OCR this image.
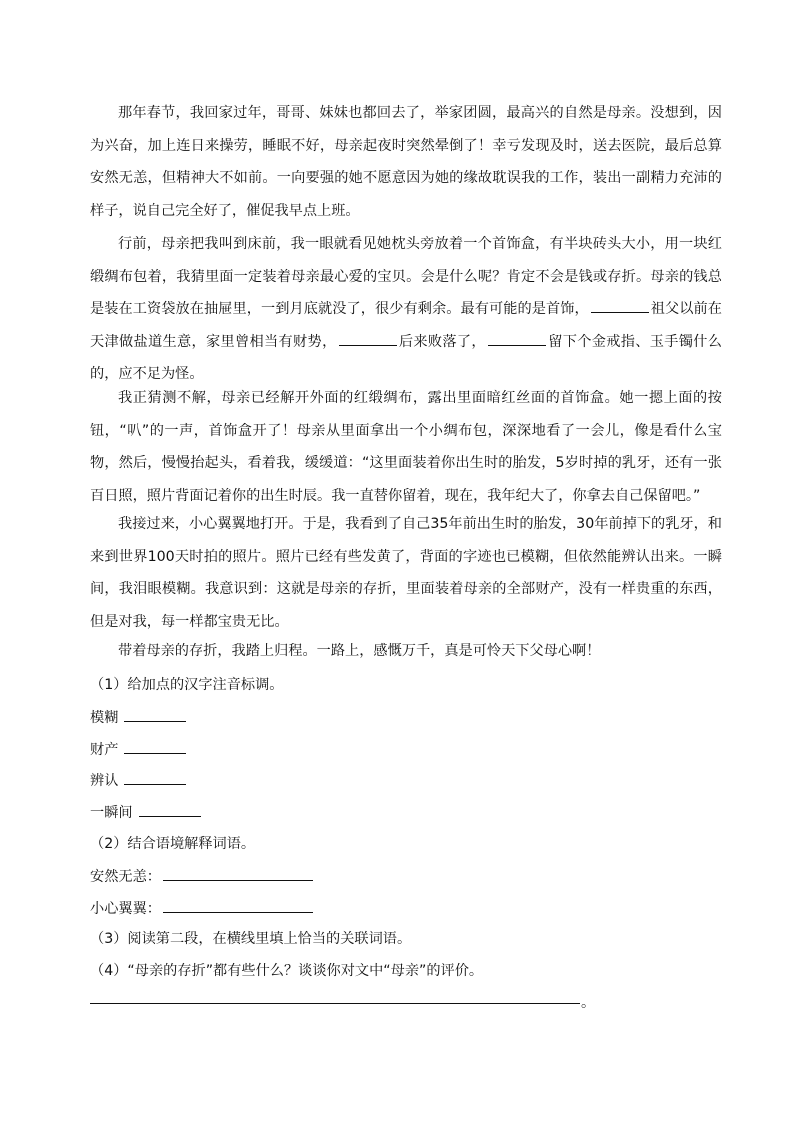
那年春节，我回家过年，哥哥、妹妹也都回去了，举家团圆，最高兴的自然是母亲。没想到，因为兴奋，加上连日来操劳，睡眠不好，母亲起夜时突然晕倒了！幸亏发现及时，送去医院，最后总算安然无恙，但精神大不如前。一向要强的她不愿意因为她的缘故耽误我的工作，装出一副精力充沛的样子，说自己完全好了，催促我早点上班。

行前，母亲把我叫到床前，我一眼就看见她枕头旁放着一个首饰盒，有半块砖头大小，用一块红缎绸布包着，我猜里面一定装着母亲最心爱的宝贝。会是什么呢？肯定不会是钱或存折。母亲的钱总是装在工资袋放在抽屉里，一到月底就没了，很少有剩余。最有可能的是首饰，	祖父以前在天津做盐道生意，家里曾相当有财势，	后来败落了，	留下个金戒指、玉手镯什么的，应不足为怪。

我正猜测不解，母亲已经解开外面的红缎绸布，露出里面暗红丝面的首饰盒。她一摁上面的按钮，“叭”的一声，首饰盒开了！母亲从里面拿出一个小绸布包，深深地看了一会儿，像是看什么宝物，然后，慢慢抬起头，看着我，缓缓道：“这里面装着你出生时的胎发，5岁时掉的乳牙，还有一张百日照，照片背面记着你的出生时辰。我一直替你留着，现在，我年纪大了，你拿去自己保留吧。”

我接过来，小心翼翼地打开。于是，我看到了自己35年前出生时的胎发，30年前掉下的乳牙，和来到世界100天时拍的照片。照片已经有些发黄了，背面的字迹也已模糊，但依然能辨认出来。一瞬间，我泪眼模糊。我意识到：这就是母亲的存折，里面装着母亲的全部财产，没有一样贵重的东西，但是对我，每一样都宝贵无比。

带着母亲的存折，我踏上归程。一路上，感慨万千，真是可怜天下父母心啊！

（1）给加点的汉字注音标调。
模糊
财产
辨认
一瞬间
（2）结合语境解释词语。
安然无恙：
小心翼翼：
（3）阅读第二段，在横线里填上恰当的关联词语。
（4）“母亲的存折”都有些什么？谈谈你对文中“母亲”的评价。
。
